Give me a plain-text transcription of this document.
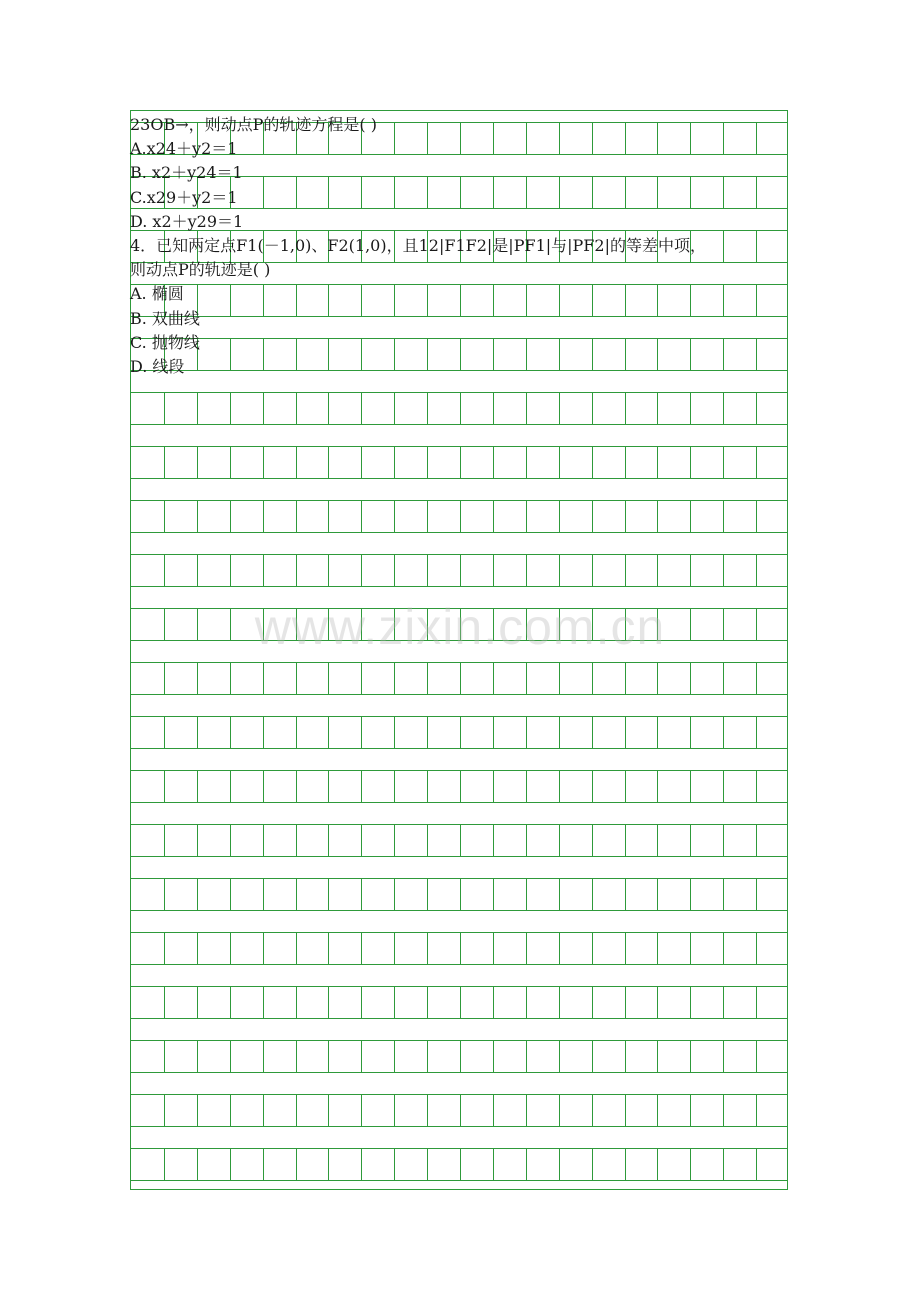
23OB→，则动点P的轨迹方程是( )
A.x24＋y2＝1
B. x2＋y24＝1
C.x29＋y2＝1
D. x2＋y29＝1
4．已知两定点F1(－1,0)、F2(1,0)，且12|F1F2|是|PF1|与|PF2|的等差中项，
则动点P的轨迹是( )
A. 椭圆
B. 双曲线
C. 抛物线
D. 线段
www.zixin.com.cn
